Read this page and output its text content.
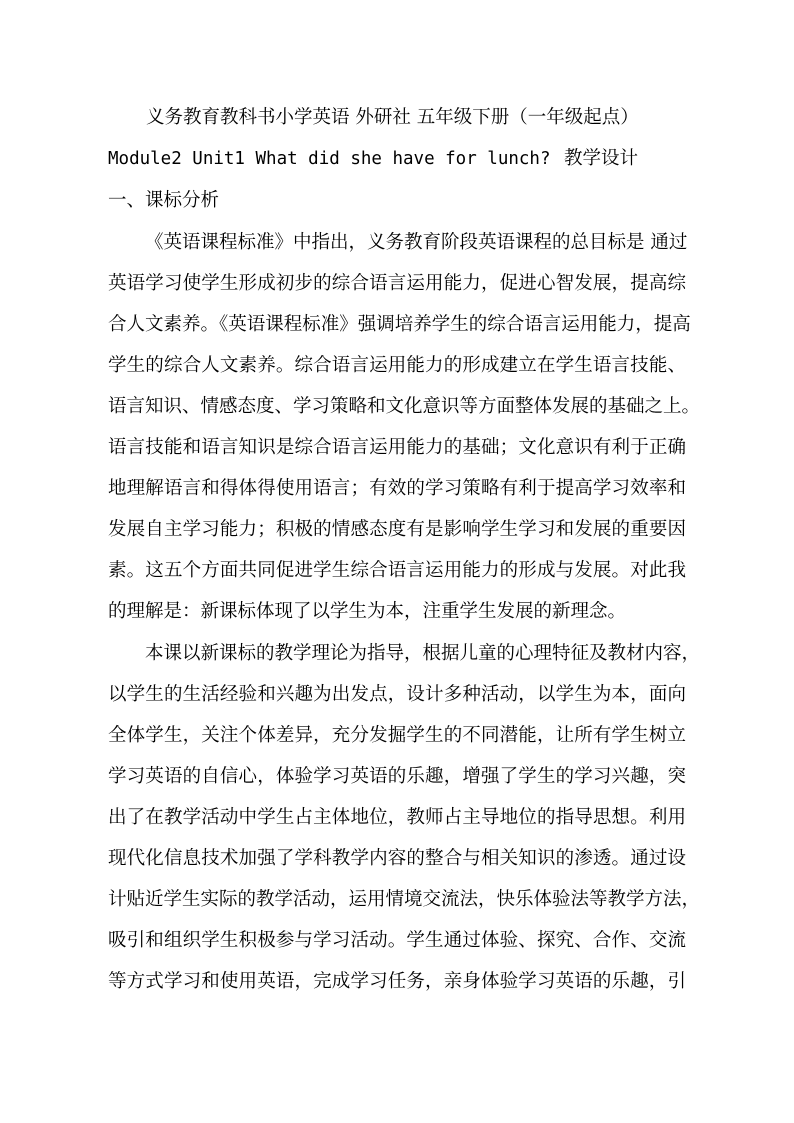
义务教育教科书小学英语 外研社 五年级下册（一年级起点）
Module2 Unit1 What did she have for lunch? 教学设计
一、课标分析
《英语课程标准》中指出，义务教育阶段英语课程的总目标是 通过
英语学习使学生形成初步的综合语言运用能力，促进心智发展，提高综
合人文素养。《英语课程标准》强调培养学生的综合语言运用能力，提高
学生的综合人文素养。综合语言运用能力的形成建立在学生语言技能、
语言知识、情感态度、学习策略和文化意识等方面整体发展的基础之上。
语言技能和语言知识是综合语言运用能力的基础；文化意识有利于正确
地理解语言和得体得使用语言；有效的学习策略有利于提高学习效率和
发展自主学习能力；积极的情感态度有是影响学生学习和发展的重要因
素。这五个方面共同促进学生综合语言运用能力的形成与发展。对此我
的理解是：新课标体现了以学生为本，注重学生发展的新理念。
本课以新课标的教学理论为指导，根据儿童的心理特征及教材内容，
以学生的生活经验和兴趣为出发点，设计多种活动，以学生为本，面向
全体学生，关注个体差异，充分发掘学生的不同潜能，让所有学生树立
学习英语的自信心，体验学习英语的乐趣，增强了学生的学习兴趣，突
出了在教学活动中学生占主体地位，教师占主导地位的指导思想。利用
现代化信息技术加强了学科教学内容的整合与相关知识的渗透。通过设
计贴近学生实际的教学活动，运用情境交流法，快乐体验法等教学方法，
吸引和组织学生积极参与学习活动。学生通过体验、探究、合作、交流
等方式学习和使用英语，完成学习任务，亲身体验学习英语的乐趣，引
